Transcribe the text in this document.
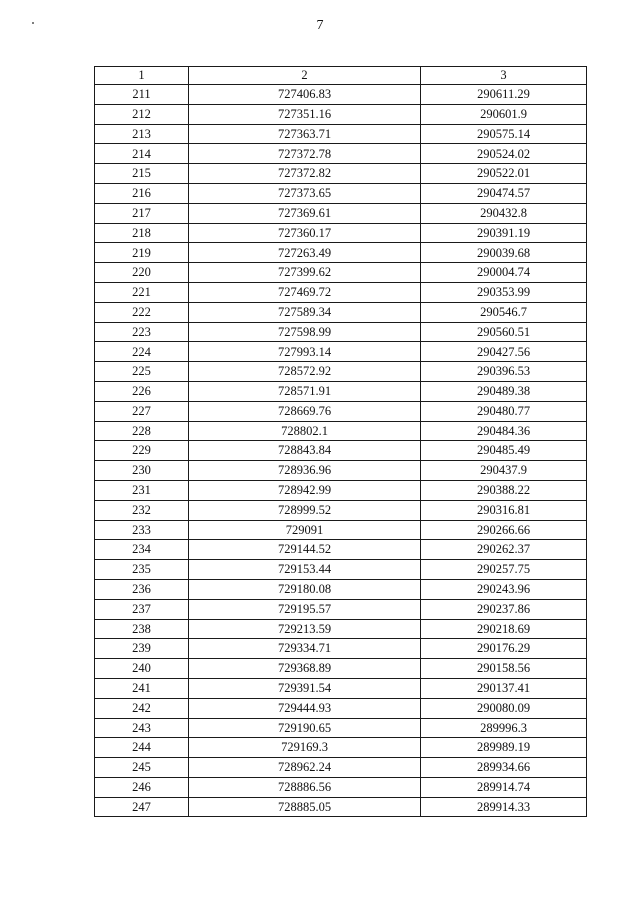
7
1	2	3
211	727406.83	290611.29
212	727351.16	290601.9
213	727363.71	290575.14
214	727372.78	290524.02
215	727372.82	290522.01
216	727373.65	290474.57
217	727369.61	290432.8
218	727360.17	290391.19
219	727263.49	290039.68
220	727399.62	290004.74
221	727469.72	290353.99
222	727589.34	290546.7
223	727598.99	290560.51
224	727993.14	290427.56
225	728572.92	290396.53
226	728571.91	290489.38
227	728669.76	290480.77
228	728802.1	290484.36
229	728843.84	290485.49
230	728936.96	290437.9
231	728942.99	290388.22
232	728999.52	290316.81
233	729091	290266.66
234	729144.52	290262.37
235	729153.44	290257.75
236	729180.08	290243.96
237	729195.57	290237.86
238	729213.59	290218.69
239	729334.71	290176.29
240	729368.89	290158.56
241	729391.54	290137.41
242	729444.93	290080.09
243	729190.65	289996.3
244	729169.3	289989.19
245	728962.24	289934.66
246	728886.56	289914.74
247	728885.05	289914.33
